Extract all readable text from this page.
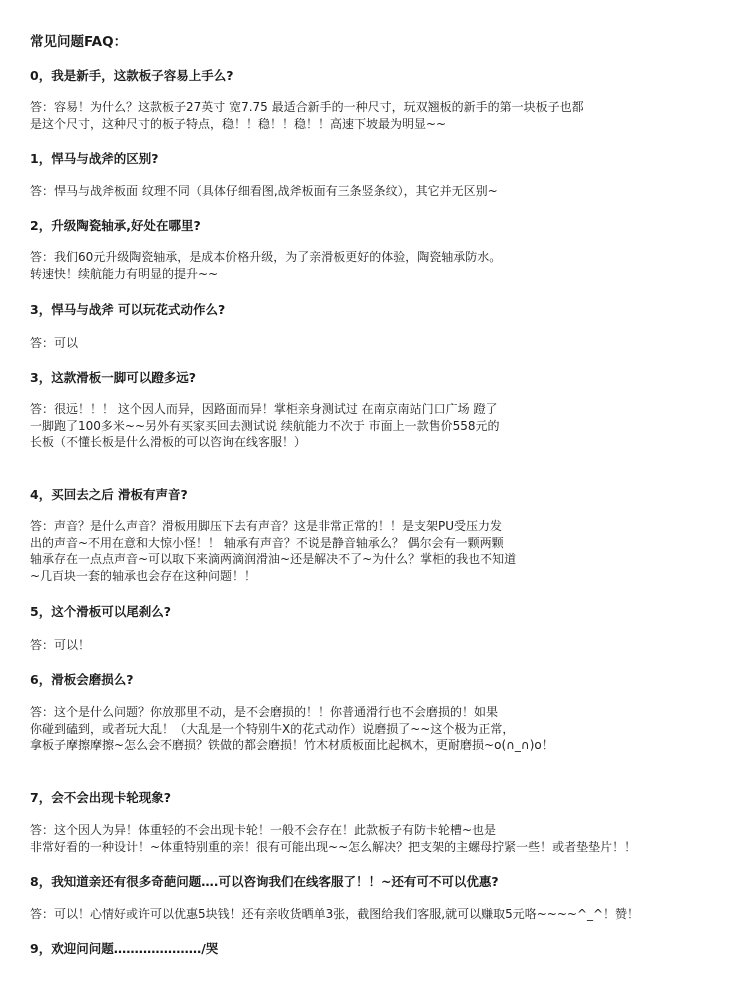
常见问题FAQ：
0，我是新手，这款板子容易上手么?
答：容易！为什么？这款板子27英寸 宽7.75 最适合新手的一种尺寸，玩双翘板的新手的第一块板子也都
是这个尺寸，这种尺寸的板子特点，稳！！稳！！稳！！高速下坡最为明显~~
1，悍马与战斧的区别?
答：悍马与战斧板面 纹理不同（具体仔细看图,战斧板面有三条竖条纹），其它并无区别~
2，升级陶瓷轴承,好处在哪里?
答：我们60元升级陶瓷轴承，是成本价格升级，为了亲滑板更好的体验，陶瓷轴承防水。
转速快！续航能力有明显的提升~~
3，悍马与战斧 可以玩花式动作么?
答：可以
3，这款滑板一脚可以蹬多远?
答：很远！！！ 这个因人而异，因路面而异！掌柜亲身测试过 在南京南站门口广场 蹬了
一脚跑了100多米~~另外有买家买回去测试说 续航能力不次于 市面上一款售价558元的
长板（不懂长板是什么滑板的可以咨询在线客服！）
4，买回去之后 滑板有声音?
答：声音？是什么声音？滑板用脚压下去有声音？这是非常正常的！！是支架PU受压力发
出的声音~不用在意和大惊小怪！！ 轴承有声音？不说是静音轴承么？ 偶尔会有一颗两颗
轴承存在一点点声音~可以取下来滴两滴润滑油~还是解决不了~为什么？掌柜的我也不知道
~几百块一套的轴承也会存在这种问题！！
5，这个滑板可以尾刹么?
答：可以！
6，滑板会磨损么?
答：这个是什么问题？你放那里不动，是不会磨损的！！你普通滑行也不会磨损的！如果
你碰到磕到，或者玩大乱！（大乱是一个特别牛X的花式动作）说磨损了~~这个极为正常，
拿板子摩擦摩擦~怎么会不磨损？铁做的都会磨损！竹木材质板面比起枫木，更耐磨损~o(∩_∩)o！
7，会不会出现卡轮现象?
答：这个因人为异！体重轻的不会出现卡轮！一般不会存在！此款板子有防卡轮槽~也是
非常好看的一种设计！~体重特别重的亲！很有可能出现~~怎么解决？把支架的主螺母拧紧一些！或者垫垫片！！
8，我知道亲还有很多奇葩问题….可以咨询我们在线客服了！！~还有可不可以优惠?
答：可以！心情好或许可以优惠5块钱！还有亲收货晒单3张，截图给我们客服,就可以赚取5元咯~~~~^_^！赞！
9，欢迎问问题…………………/哭
